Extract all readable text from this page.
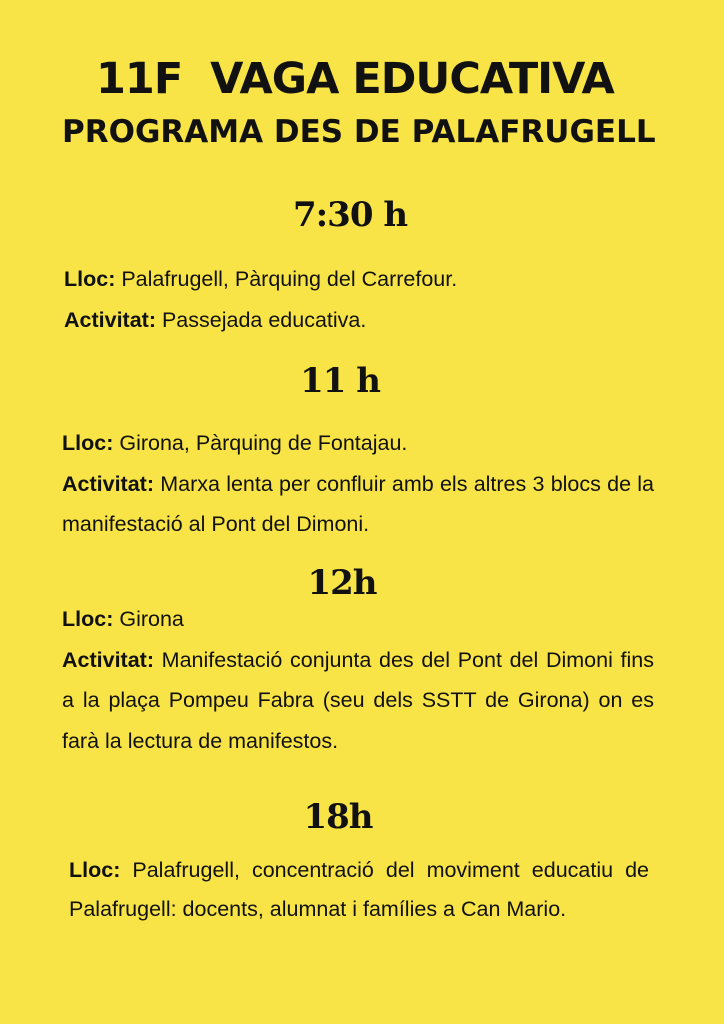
11F  VAGA EDUCATIVA
PROGRAMA DES DE PALAFRUGELL
7:30 h

Lloc: Palafrugell, Pàrquing del Carrefour.

Activitat: Passejada educativa.

11 h

Lloc: Girona, Pàrquing de Fontajau.

Activitat: Marxa lenta per confluir amb els altres 3 blocs de la manifestació al Pont del Dimoni.

12h

Lloc: Girona

Activitat: Manifestació conjunta des del Pont del Dimoni fins a la plaça Pompeu Fabra (seu dels SSTT de Girona) on es farà la lectura de manifestos.

18h

Lloc: Palafrugell, concentració del moviment educatiu de Palafrugell: docents, alumnat i famílies a Can Mario.
